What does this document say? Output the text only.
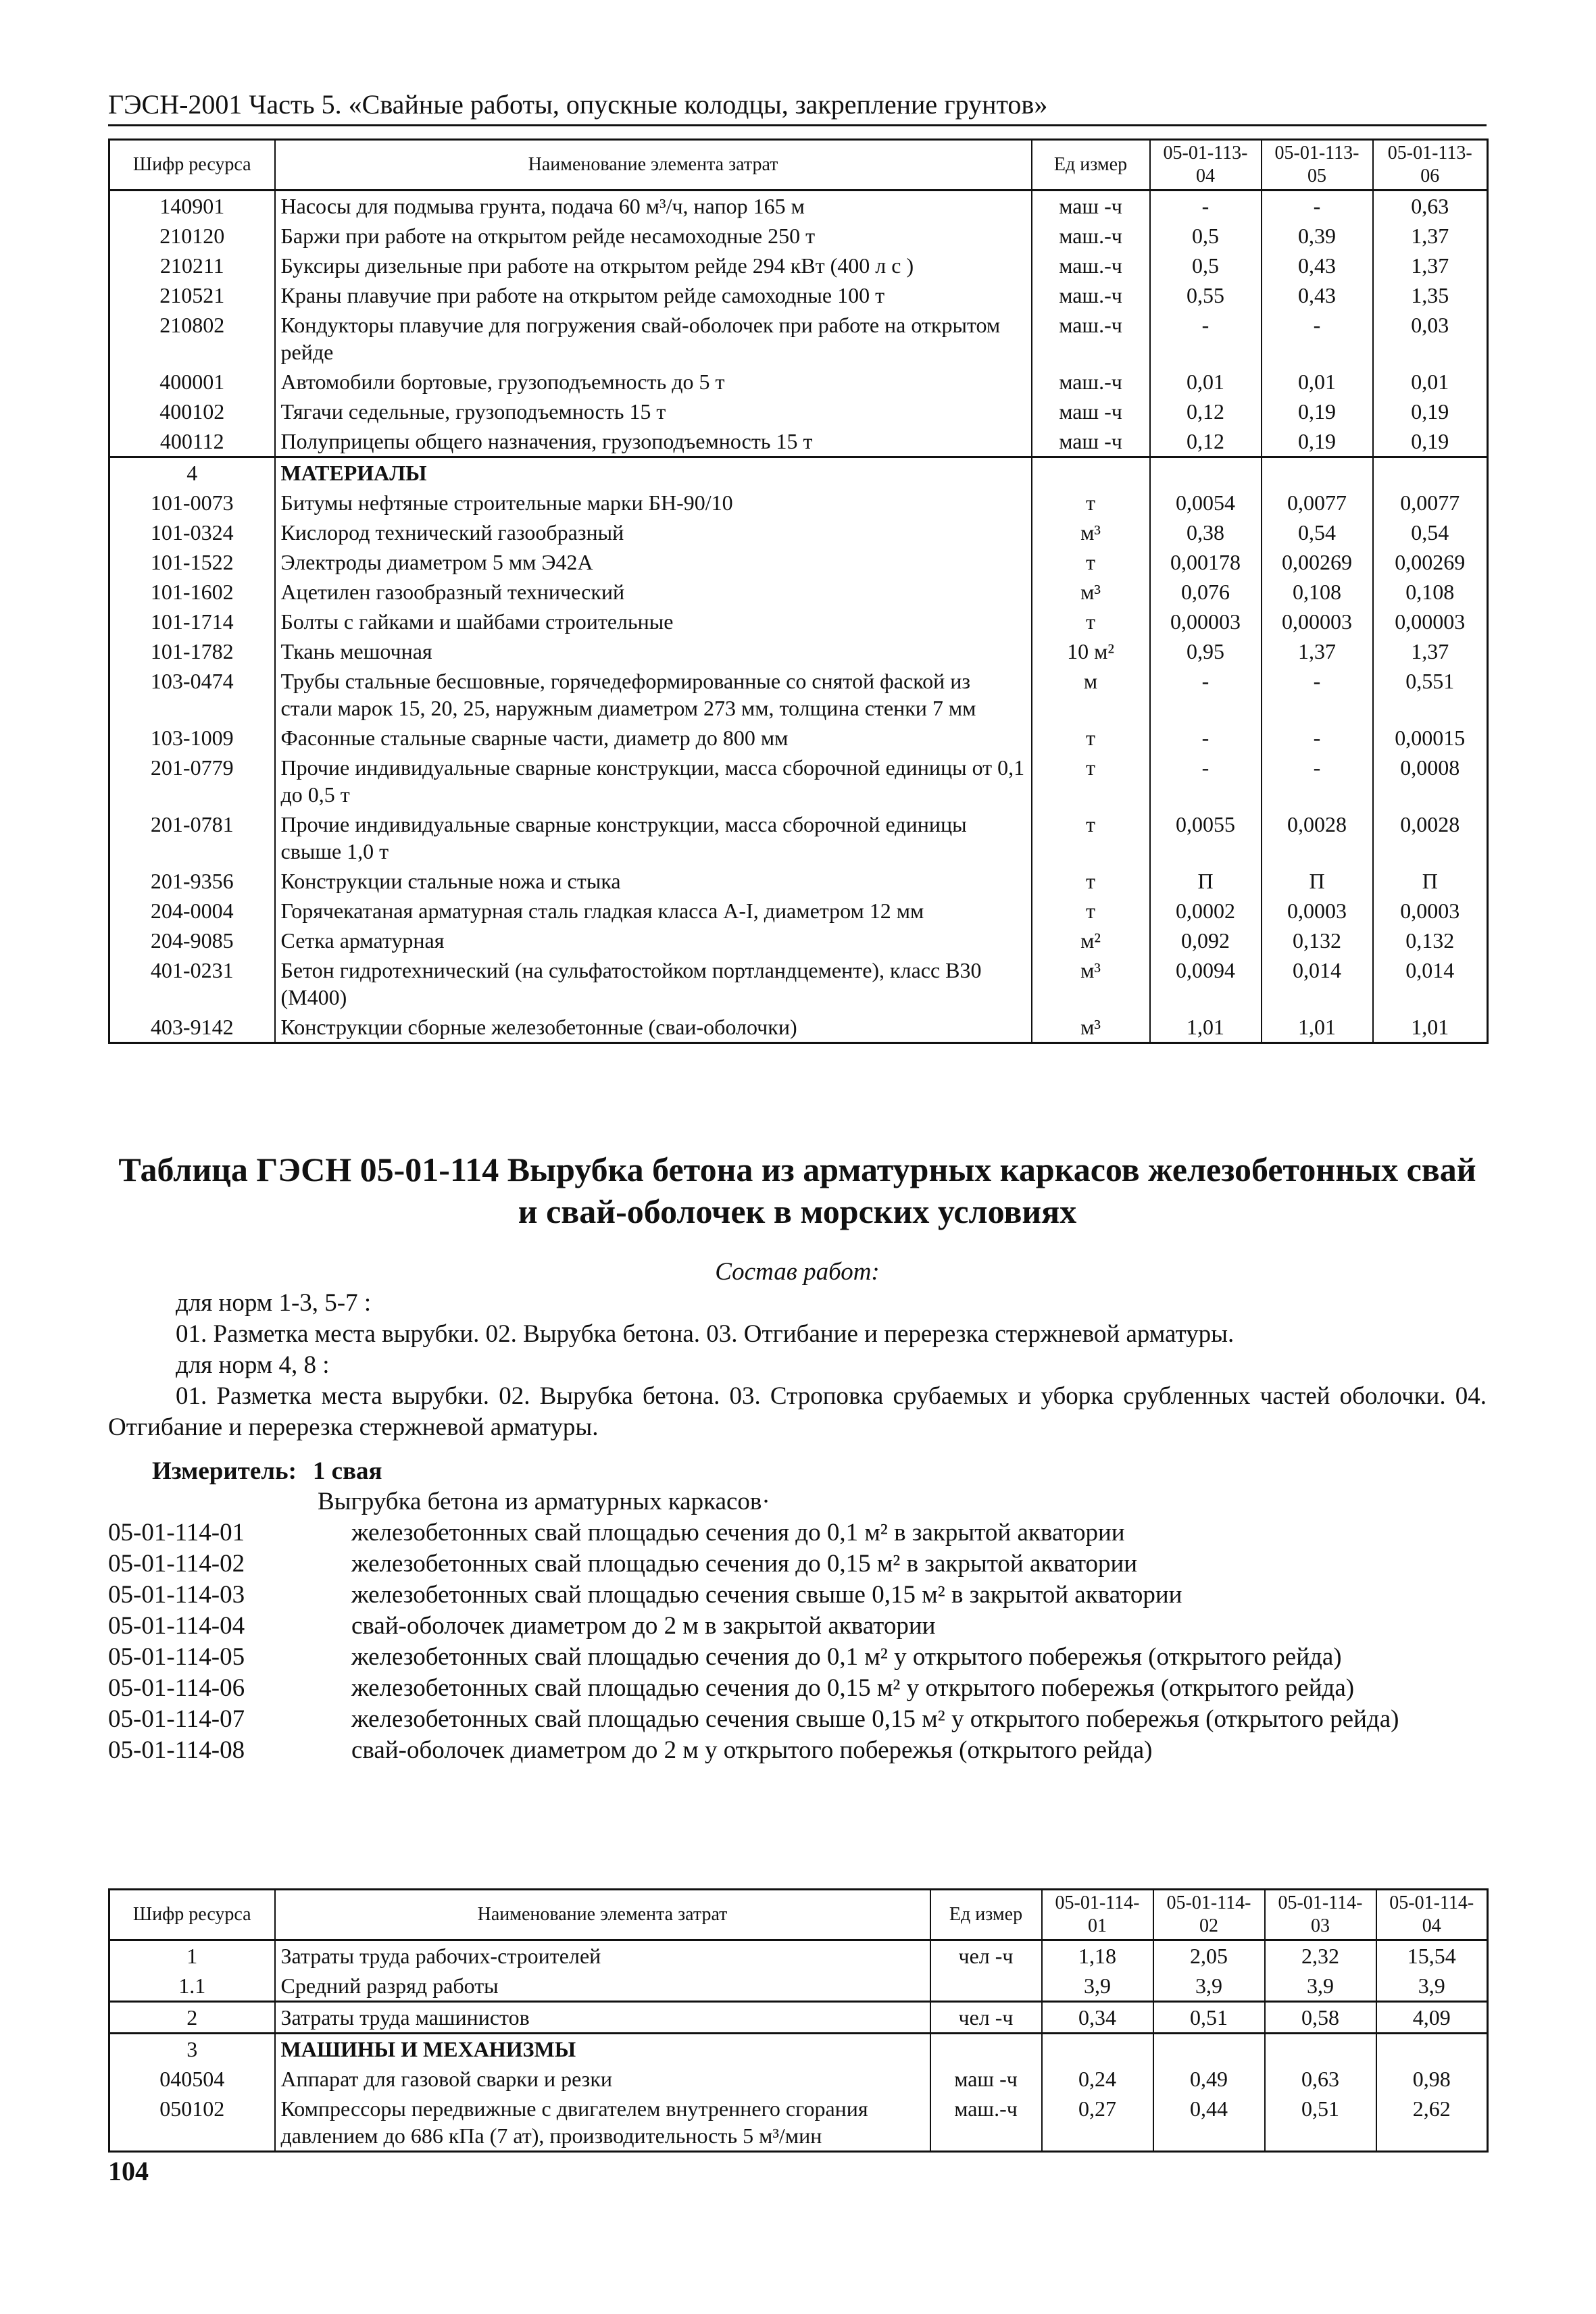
ГЭСН-2001 Часть 5. «Свайные работы, опускные колодцы, закрепление грунтов»
Шифр ресурса	Наименование элемента затрат	Ед измер	05-01-113-04	05-01-113-05	05-01-113-06
140901	Насосы для подмыва грунта, подача 60 м³/ч, напор 165 м	маш -ч	-	-	0,63
210120	Баржи при работе на открытом рейде несамоходные 250 т	маш.-ч	0,5	0,39	1,37
210211	Буксиры дизельные при работе на открытом рейде 294 кВт (400 л с )	маш.-ч	0,5	0,43	1,37
210521	Краны плавучие при работе на открытом рейде самоходные 100 т	маш.-ч	0,55	0,43	1,35
210802	Кондукторы плавучие для погружения свай-оболочек при работе на открытом рейде	маш.-ч	-	-	0,03
400001	Автомобили бортовые, грузоподъемность до 5 т	маш.-ч	0,01	0,01	0,01
400102	Тягачи седельные, грузоподъемность 15 т	маш -ч	0,12	0,19	0,19
400112	Полуприцепы общего назначения, грузоподъемность 15 т	маш -ч	0,12	0,19	0,19
4	МАТЕРИАЛЫ				
101-0073	Битумы нефтяные строительные марки БН-90/10	т	0,0054	0,0077	0,0077
101-0324	Кислород технический газообразный	м³	0,38	0,54	0,54
101-1522	Электроды диаметром 5 мм Э42А	т	0,00178	0,00269	0,00269
101-1602	Ацетилен газообразный технический	м³	0,076	0,108	0,108
101-1714	Болты с гайками и шайбами строительные	т	0,00003	0,00003	0,00003
101-1782	Ткань мешочная	10 м²	0,95	1,37	1,37
103-0474	Трубы стальные бесшовные, горячедеформированные со снятой фаской из стали марок 15, 20, 25, наружным диаметром 273 мм, толщина стенки 7 мм	м	-	-	0,551
103-1009	Фасонные стальные сварные части, диаметр до 800 мм	т	-	-	0,00015
201-0779	Прочие индивидуальные сварные конструкции, масса сборочной единицы от 0,1 до 0,5 т	т	-	-	0,0008
201-0781	Прочие индивидуальные сварные конструкции, масса сборочной единицы свыше 1,0 т	т	0,0055	0,0028	0,0028
201-9356	Конструкции стальные ножа и стыка	т	П	П	П
204-0004	Горячекатаная арматурная сталь гладкая класса А-I, диаметром 12 мм	т	0,0002	0,0003	0,0003
204-9085	Сетка арматурная	м²	0,092	0,132	0,132
401-0231	Бетон гидротехнический (на сульфатостойком портландцементе), класс В30 (М400)	м³	0,0094	0,014	0,014
403-9142	Конструкции сборные железобетонные (сваи-оболочки)	м³	1,01	1,01	1,01
Таблица ГЭСН 05-01-114 Вырубка бетона из арматурных каркасов железобетонных свай и свай-оболочек в морских условиях

Состав работ:

для норм 1-3, 5-7 :

01. Разметка места вырубки. 02. Вырубка бетона. 03. Отгибание и перерезка стержневой арматуры.

для норм 4, 8 :

01. Разметка места вырубки. 02. Вырубка бетона. 03. Строповка срубаемых и уборка срубленных частей оболочки. 04. Отгибание и перерезка стержневой арматуры.

Измеритель: 1 свая
Выгрубка бетона из арматурных каркасов·
05-01-114-01	железобетонных свай площадью сечения до 0,1 м² в закрытой акватории
05-01-114-02	железобетонных свай площадью сечения до 0,15 м² в закрытой акватории
05-01-114-03	железобетонных свай площадью сечения свыше 0,15 м² в закрытой акватории
05-01-114-04	свай-оболочек диаметром до 2 м в закрытой акватории
05-01-114-05	железобетонных свай площадью сечения до 0,1 м² у открытого побережья (открытого рейда)
05-01-114-06	железобетонных свай площадью сечения до 0,15 м² у открытого побережья (открытого рейда)
05-01-114-07	железобетонных свай площадью сечения свыше 0,15 м² у открытого побережья (открытого рейда)
05-01-114-08	свай-оболочек диаметром до 2 м у открытого побережья (открытого рейда)
Шифр ресурса	Наименование элемента затрат	Ед измер	05-01-114-01	05-01-114-02	05-01-114-03	05-01-114-04
1	Затраты труда рабочих-строителей	чел -ч	1,18	2,05	2,32	15,54
1.1	Средний разряд работы		3,9	3,9	3,9	3,9
2	Затраты труда машинистов	чел -ч	0,34	0,51	0,58	4,09
3	МАШИНЫ И МЕХАНИЗМЫ					
040504	Аппарат для газовой сварки и резки	маш -ч	0,24	0,49	0,63	0,98
050102	Компрессоры передвижные с двигателем внутреннего сгорания давлением до 686 кПа (7 ат), производительность 5 м³/мин	маш.-ч	0,27	0,44	0,51	2,62
104
